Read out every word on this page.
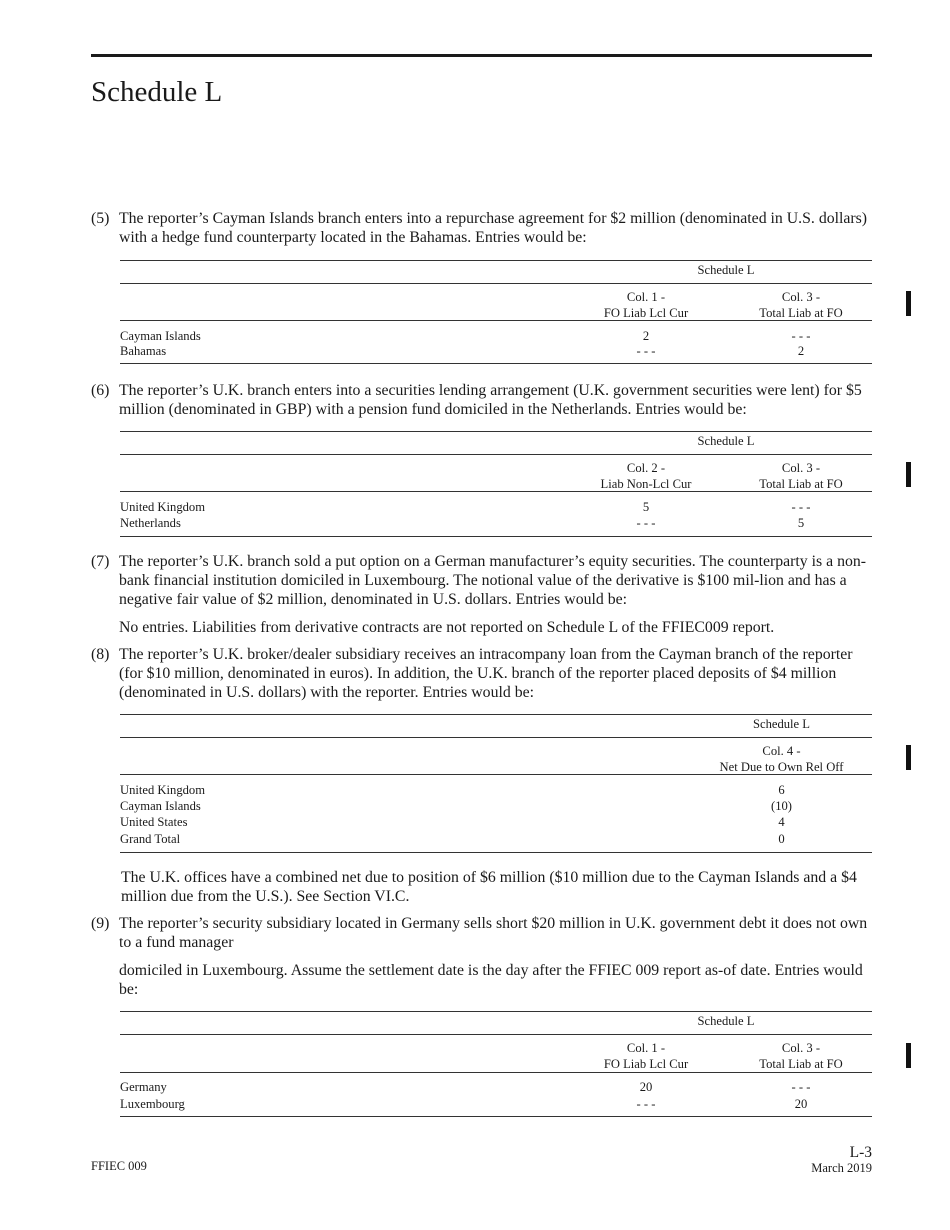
Schedule L

(5) The reporter’s Cayman Islands branch enters into a repurchase agreement for $2 million (denominated in U.S. dollars) with a hedge fund counterparty located in the Bahamas. Entries would be:

Schedule L
Col. 1 -
FO Liab Lcl Cur
Col. 3 -
Total Liab at FO
Cayman Islands	2	- - -
Bahamas	- - -	2

(6) The reporter’s U.K. branch enters into a securities lending arrangement (U.K. government securities were lent) for $5 million (denominated in GBP) with a pension fund domiciled in the Netherlands. Entries would be:

Schedule L
Col. 2 -
Liab Non-Lcl Cur
Col. 3 -
Total Liab at FO
United Kingdom	5	- - -
Netherlands	- - -	5

(7) The reporter’s U.K. branch sold a put option on a German manufacturer’s equity securities. The counterparty is a non-bank financial institution domiciled in Luxembourg. The notional value of the derivative is $100 mil-lion and has a negative fair value of $2 million, denominated in U.S. dollars. Entries would be:

No entries. Liabilities from derivative contracts are not reported on Schedule L of the FFIEC009 report.

(8) The reporter’s U.K. broker/dealer subsidiary receives an intracompany loan from the Cayman branch of the reporter (for $10 million, denominated in euros). In addition, the U.K. branch of the reporter placed deposits of $4 million (denominated in U.S. dollars) with the reporter. Entries would be:

Schedule L
Col. 4 -
Net Due to Own Rel Off
United Kingdom	6
Cayman Islands	(10)
United States	4
Grand Total	0

The U.K. offices have a combined net due to position of $6 million ($10 million due to the Cayman Islands and a $4 million due from the U.S.). See Section VI.C.

(9) The reporter’s security subsidiary located in Germany sells short $20 million in U.K. government debt it does not own to a fund manager

domiciled in Luxembourg. Assume the settlement date is the day after the FFIEC 009 report as-of date. Entries would be:

Schedule L
Col. 1 -
FO Liab Lcl Cur
Col. 3 -
Total Liab at FO
Germany	20	- - -
Luxembourg	- - -	20
FFIEC 009
L-3
March 2019
